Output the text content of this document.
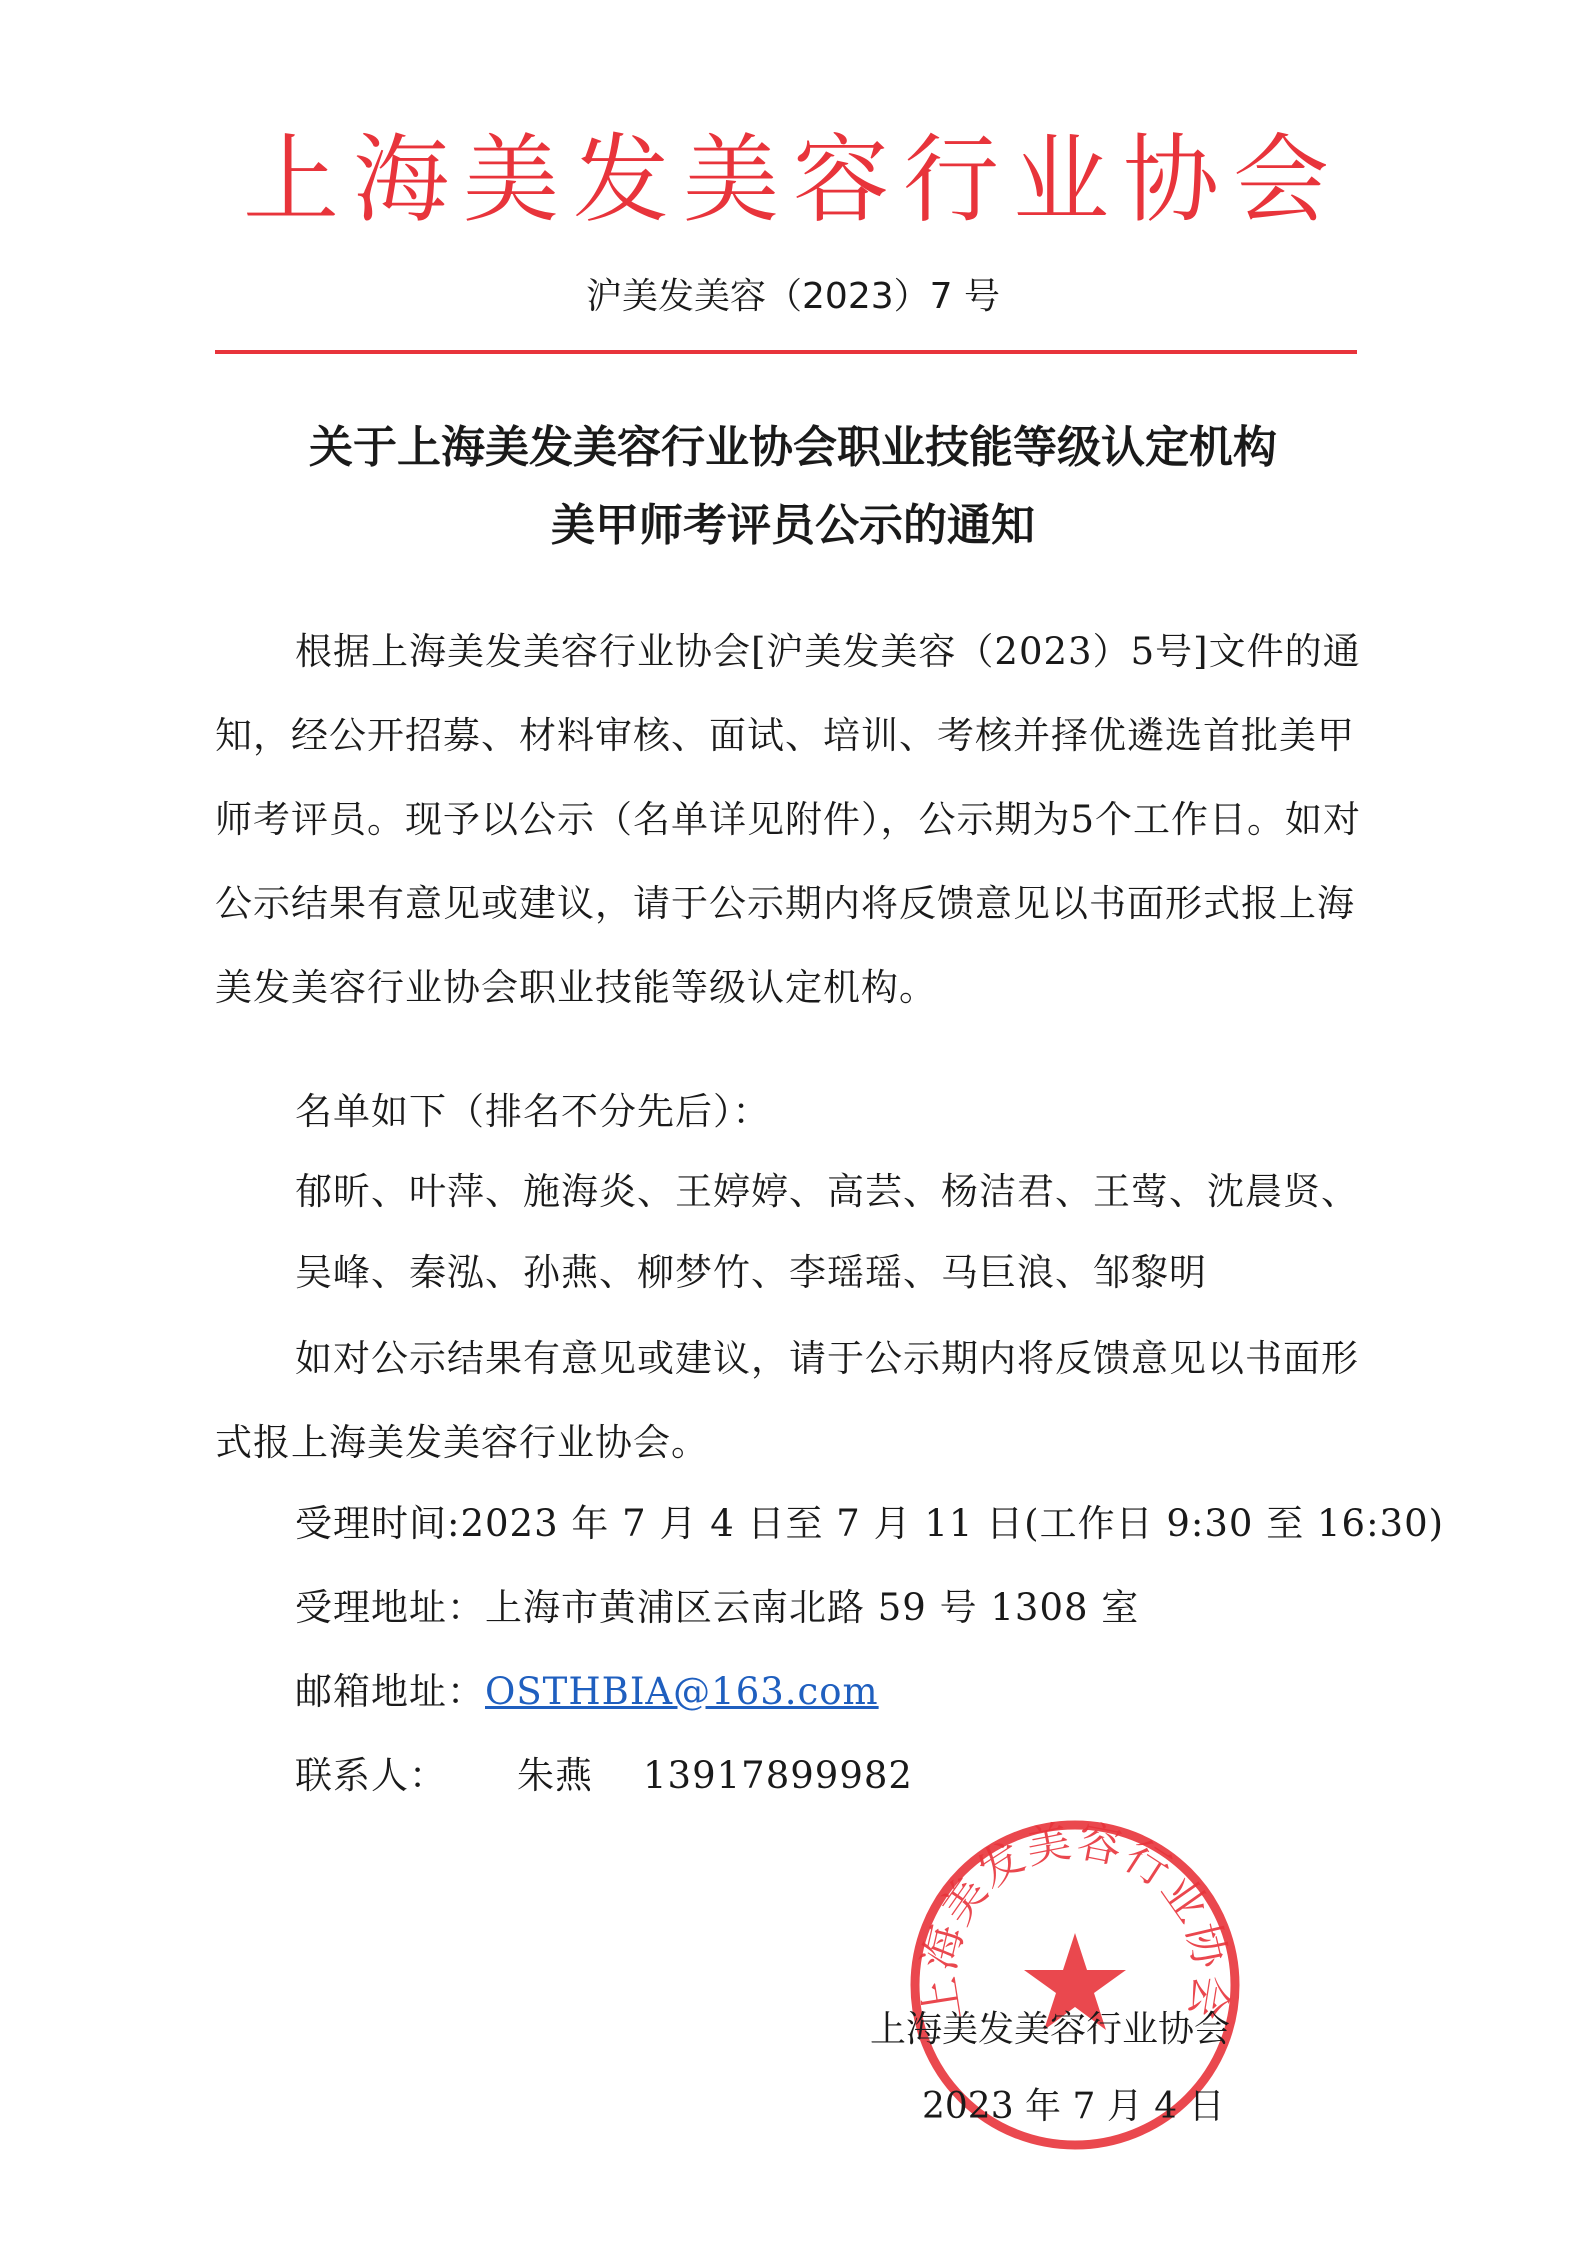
上海美发美容行业协会
沪美发美容（2023）7 号
关于上海美发美容行业协会职业技能等级认定机构
美甲师考评员公示的通知
根据上海美发美容行业协会[沪美发美容（2023）5号]文件的通知，经公开招募、材料审核、面试、培训、考核并择优遴选首批美甲师考评员。现予以公示（名单详见附件），公示期为5个工作日。如对公示结果有意见或建议，请于公示期内将反馈意见以书面形式报上海美发美容行业协会职业技能等级认定机构。
名单如下（排名不分先后）：
郁昕、叶萍、施海炎、王婷婷、高芸、杨洁君、王莺、沈晨贤、
吴峰、秦泓、孙燕、柳梦竹、李瑶瑶、马巨浪、邹黎明
如对公示结果有意见或建议，请于公示期内将反馈意见以书面形式报上海美发美容行业协会。
受理时间:2023 年 7 月 4 日至 7 月 11 日(工作日 9:30 至 16:30)
受理地址：上海市黄浦区云南北路 59 号 1308 室
邮箱地址：OSTHBIA@163.com
联系人： 朱燕 13917899982
上海美发美容行业协会
上海美发美容行业协会
2023 年 7 月 4 日
